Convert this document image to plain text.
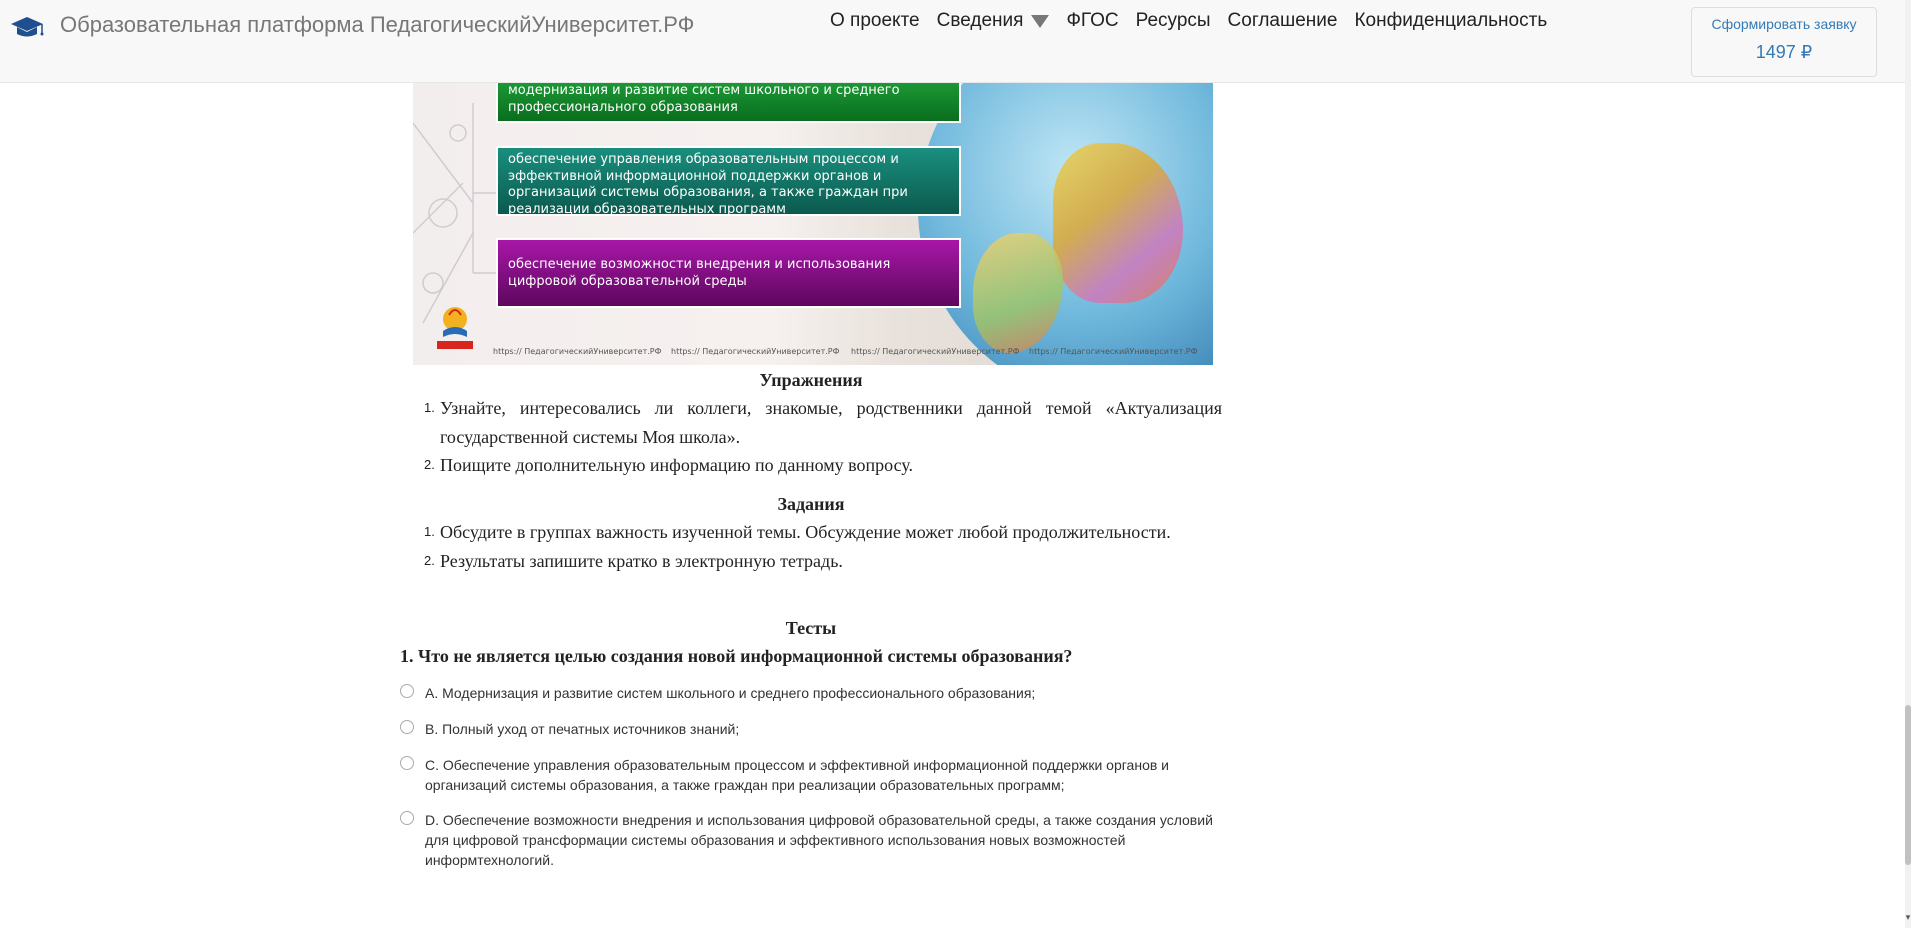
Образовательная платформа ПедагогическийУниверситет.РФ	О проекте Сведения ФГОС Ресурсы Соглашение Конфиденциальность	Сформировать заявку
1497 ₽
модернизация и развитие систем школьного и среднего профессионального образования
обеспечение управления образовательным процессом и эффективной информационной поддержки органов и организаций системы образования, а также граждан при реализации образовательных программ
обеспечение возможности внедрения и использования цифровой образовательной среды
https:// ПедагогическийУниверситет.РФ https:// ПедагогическийУниверситет.РФ https:// ПедагогическийУниверситет.РФ https:// ПедагогическийУниверситет.РФ
Упражнения
1. Узнайте, интересовались ли коллеги, знакомые, родственники данной темой «Актуализация государственной системы Моя школа».
2. Поищите дополнительную информацию по данному вопросу.
Задания
1. Обсудите в группах важность изученной темы. Обсуждение может любой продолжительности.
2. Результаты запишите кратко в электронную тетрадь.
Тесты
1. Что не является целью создания новой информационной системы образования?
A. Модернизация и развитие систем школьного и среднего профессионального образования;
B. Полный уход от печатных источников знаний;
C. Обеспечение управления образовательным процессом и эффективной информационной поддержки органов и организаций системы образования, а также граждан при реализации образовательных программ;
D. Обеспечение возможности внедрения и использования цифровой образовательной среды, а также создания условий для цифровой трансформации системы образования и эффективного использования новых возможностей информтехнологий.
▾
